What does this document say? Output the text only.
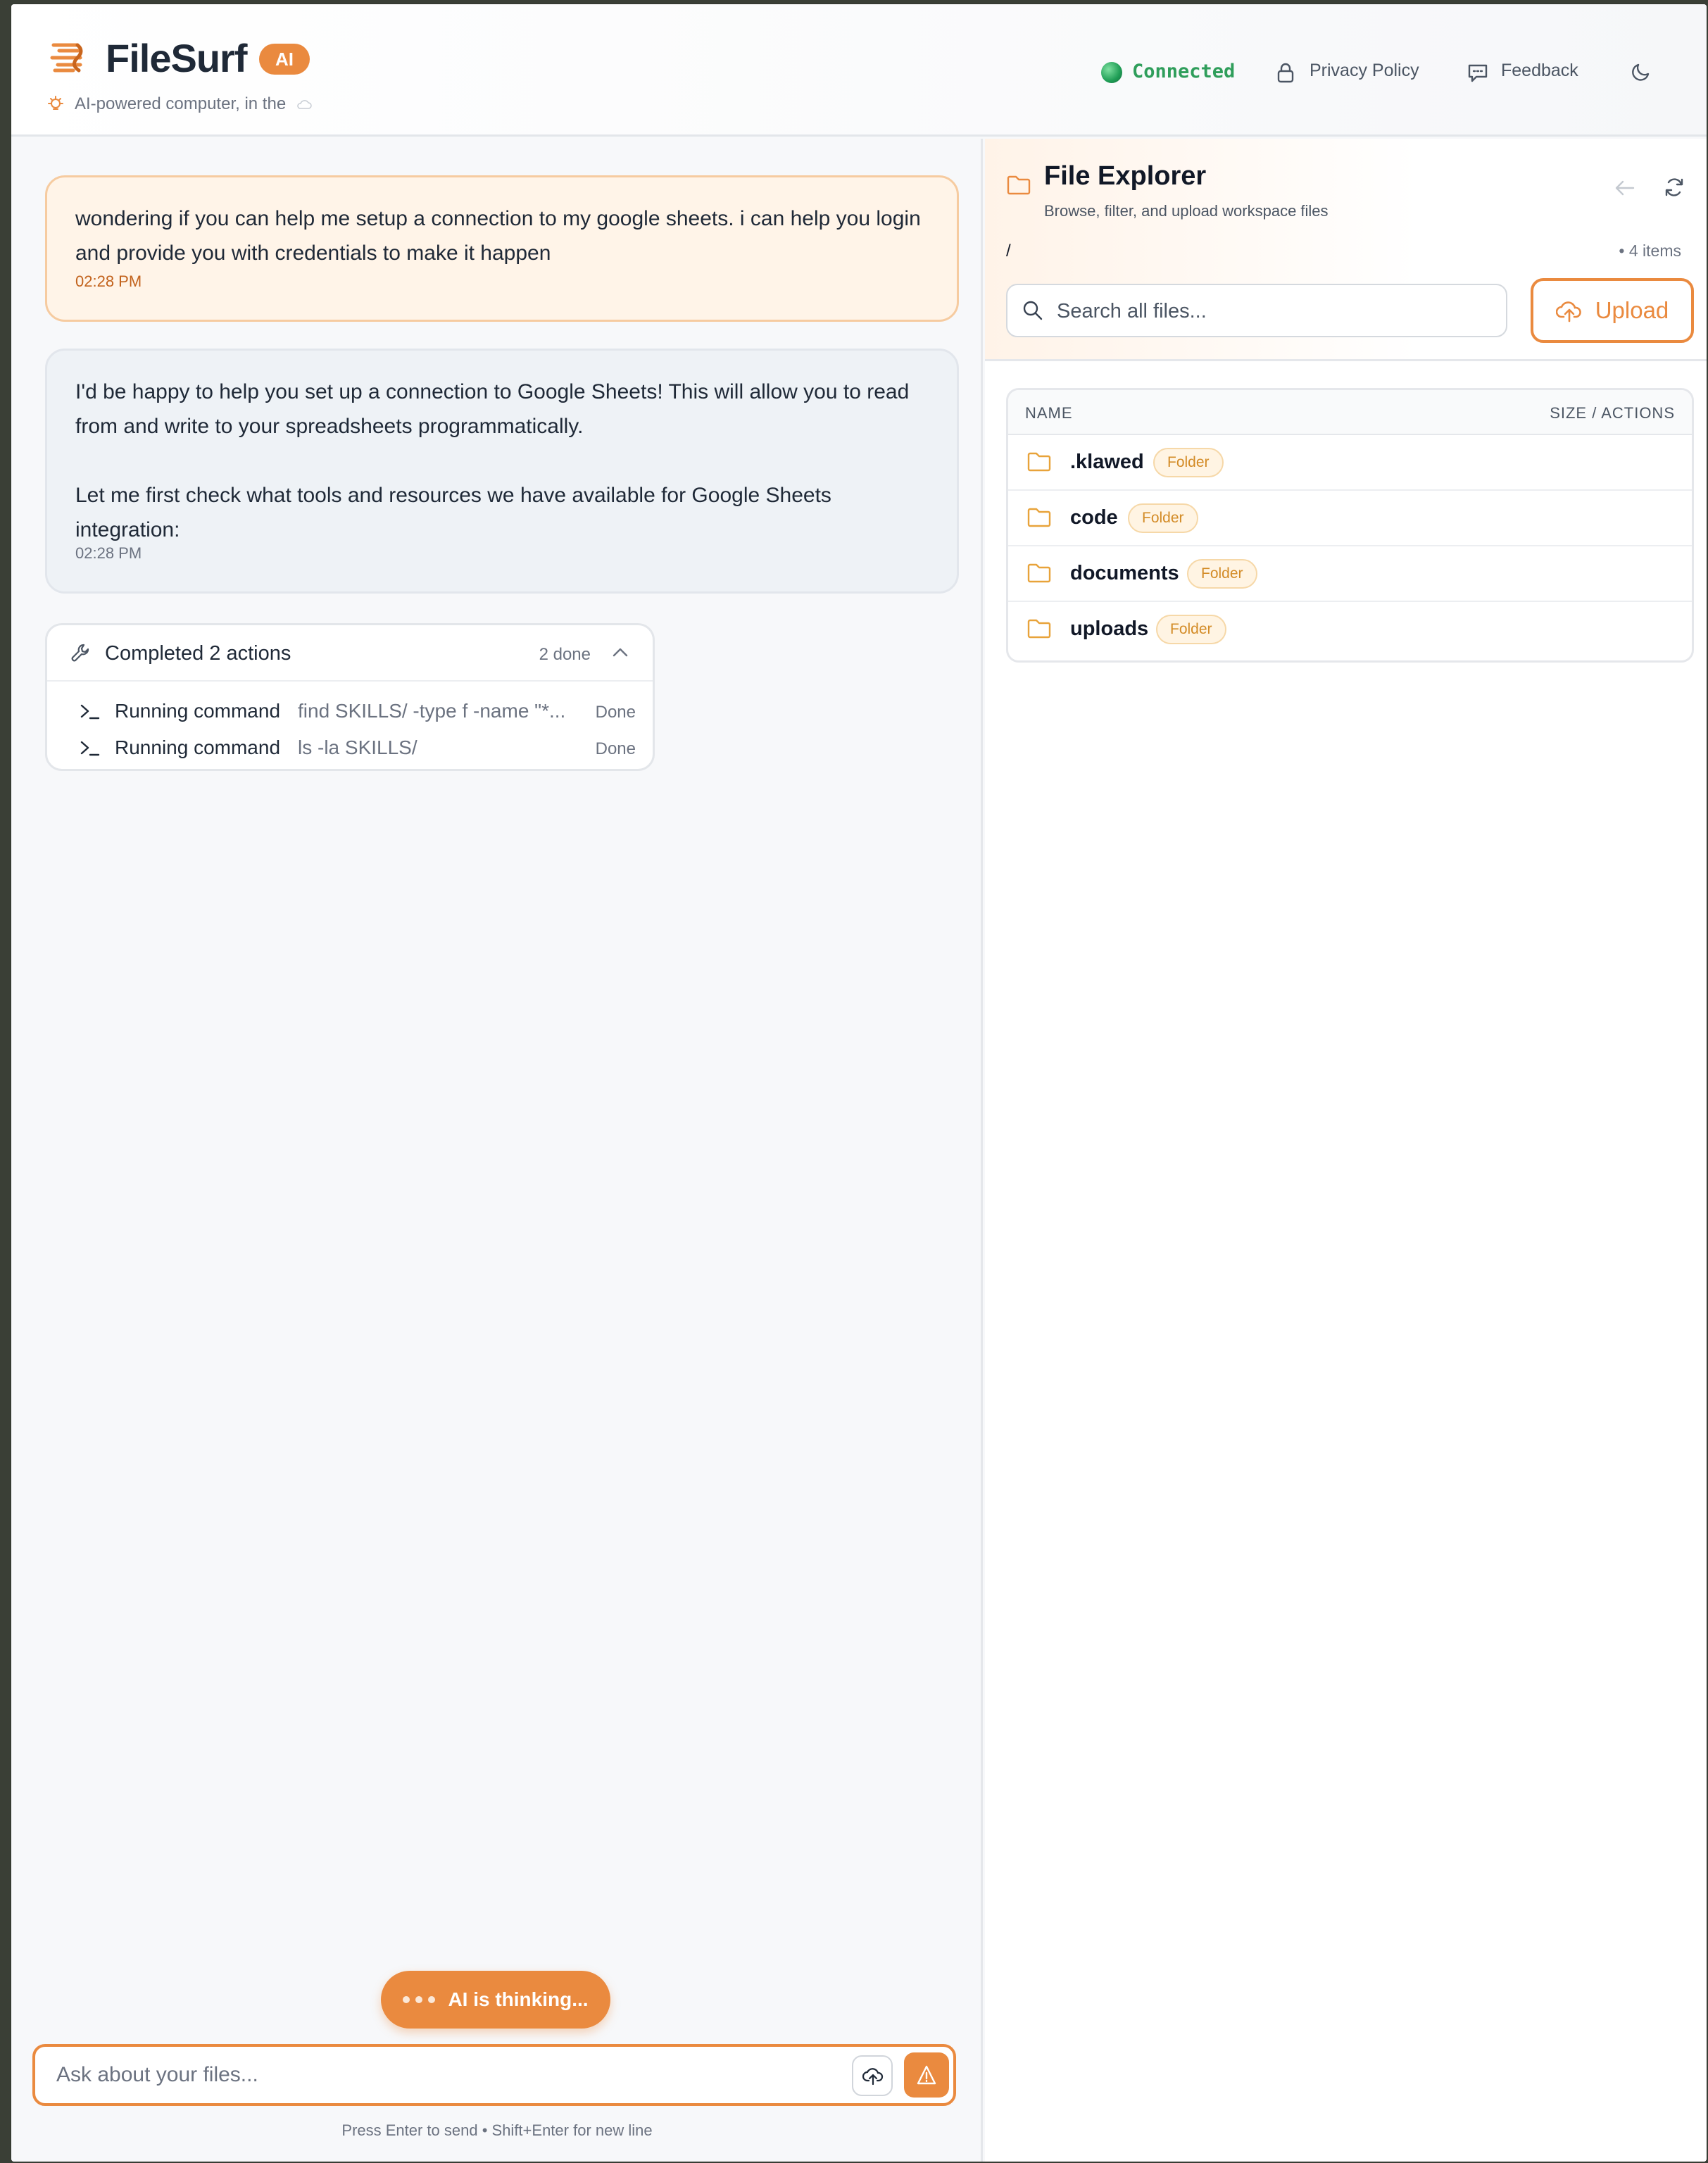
FileSurf	AI
AI-powered computer, in the
Connected	Privacy Policy	Feedback
wondering if you can help me setup a connection to my google sheets. i can help you login and provide you with credentials to make it happen
02:28 PM
I'd be happy to help you set up a connection to Google Sheets! This will allow you to read from and write to your spreadsheets programmatically.
Let me first check what tools and resources we have available for Google Sheets integration:
02:28 PM
Completed 2 actions	2 done
Running command find SKILLS/ -type f -name "*...	Done
Running command ls -la SKILLS/	Done
AI is thinking...
Ask about your files...
Press Enter to send • Shift+Enter for new line
File Explorer
Browse, filter, and upload workspace files
/	• 4 items
Search all files...
Upload
NAME	SIZE / ACTIONS
.klawed	Folder
code	Folder
documents	Folder
uploads	Folder
